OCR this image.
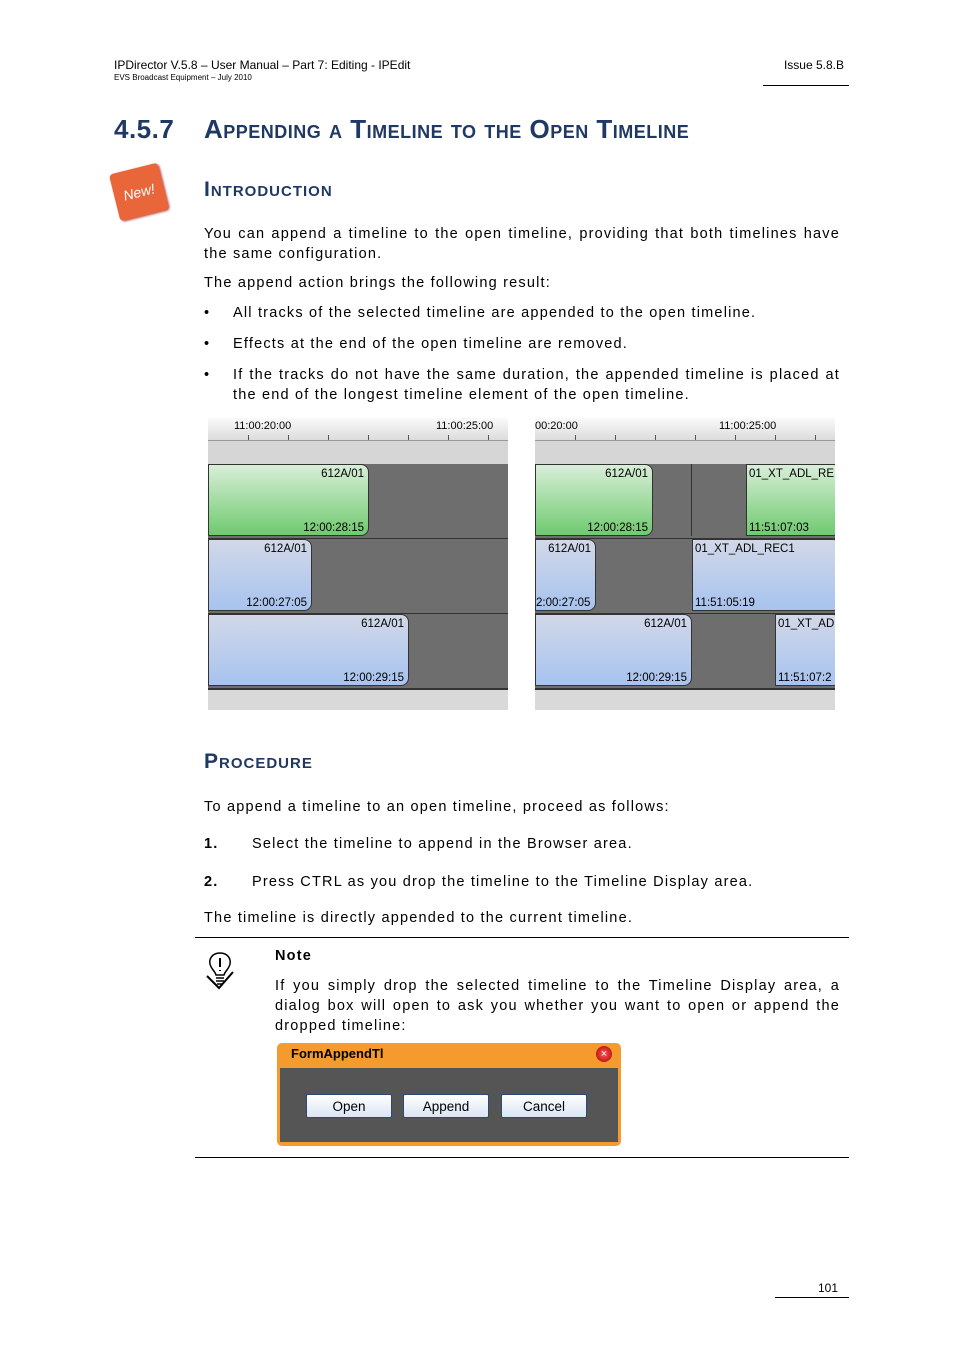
IPDirector V.5.8 – User Manual – Part 7: Editing - IPEdit
EVS Broadcast Equipment – July 2010
Issue 5.8.B
4.5.7 Appending a Timeline to the Open Timeline
New!	Introduction
You can append a timeline to the open timeline, providing that both timelines have the same configuration.
The append action brings the following result:
• All tracks of the selected timeline are appended to the open timeline.
• Effects at the end of the open timeline are removed.
• If the tracks do not have the same duration, the appended timeline is placed at the end of the longest timeline element of the open timeline.
11:00:20:00	11:00:25:00
612A/01
12:00:28:15
612A/01
12:00:27:05
612A/01
12:00:29:15
00:20:00	11:00:25:00
612A/01
12:00:28:15
01_XT_ADL_RE
11:51:07:03
612A/01
2:00:27:05
01_XT_ADL_REC1
11:51:05:19
612A/01
12:00:29:15
01_XT_AD
11:51:07:2
Procedure
To append a timeline to an open timeline, proceed as follows:
1. Select the timeline to append in the Browser area.
2. Press CTRL as you drop the timeline to the Timeline Display area.
The timeline is directly appended to the current timeline.
Note
If you simply drop the selected timeline to the Timeline Display area, a dialog box will open to ask you whether you want to open or append the dropped timeline:
FormAppendTl	×
Open	Append	Cancel
101
